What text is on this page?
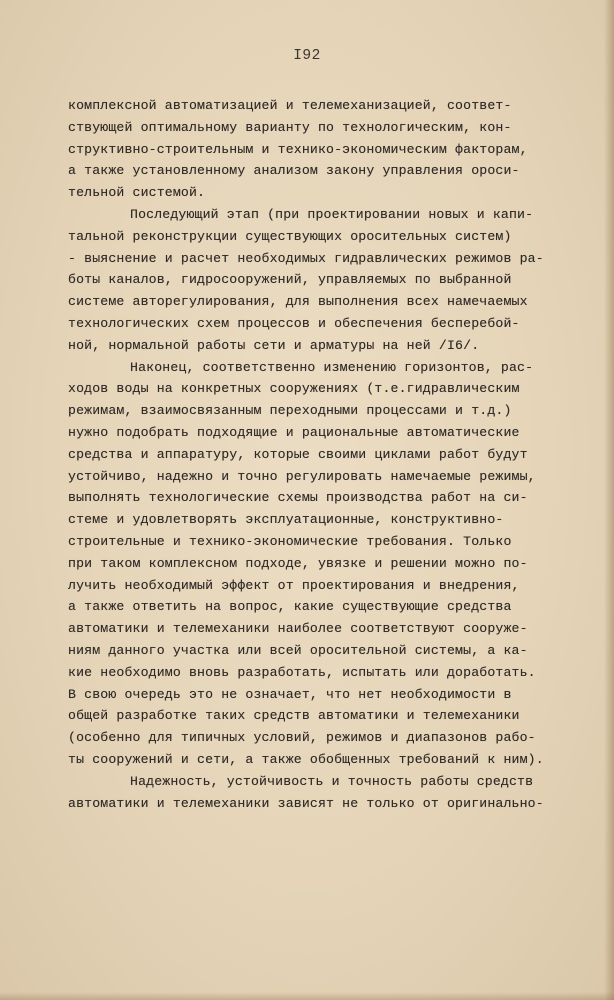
I92
комплексной автоматизацией и телемеханизацией, соответ-
ствующей оптимальному варианту по технологическим, кон-
структивно-строительным и технико-экономическим факторам,
а также установленному анализом закону управления ороси-
тельной системой.
Последующий этап (при проектировании новых и капи-
тальной реконструкции существующих оросительных систем)
- выяснение и расчет необходимых гидравлических режимов ра-
боты каналов, гидросооружений, управляемых по выбранной
системе авторегулирования, для выполнения всех намечаемых
технологических схем процессов и обеспечения бесперебой-
ной, нормальной работы сети и арматуры на ней /I6/.
Наконец, соответственно изменению горизонтов, рас-
ходов воды на конкретных сооружениях (т.е.гидравлическим
режимам, взаимосвязанным переходными процессами и т.д.)
нужно подобрать подходящие и рациональные автоматические
средства и аппаратуру, которые своими циклами работ будут
устойчиво, надежно и точно регулировать намечаемые режимы,
выполнять технологические схемы производства работ на си-
стеме и удовлетворять эксплуатационные, конструктивно-
строительные и технико-экономические требования. Только
при таком комплексном подходе, увязке и решении можно по-
лучить необходимый эффект от проектирования и внедрения,
а также ответить на вопрос, какие существующие средства
автоматики и телемеханики наиболее соответствуют сооруже-
ниям данного участка или всей оросительной системы, а ка-
кие необходимо вновь разработать, испытать или доработать.
В свою очередь это не означает, что нет необходимости в
общей разработке таких средств автоматики и телемеханики
(особенно для типичных условий, режимов и диапазонов рабо-
ты сооружений и сети, а также обобщенных требований к ним).
Надежность, устойчивость и точность работы средств
автоматики и телемеханики зависят не только от оригинально-
